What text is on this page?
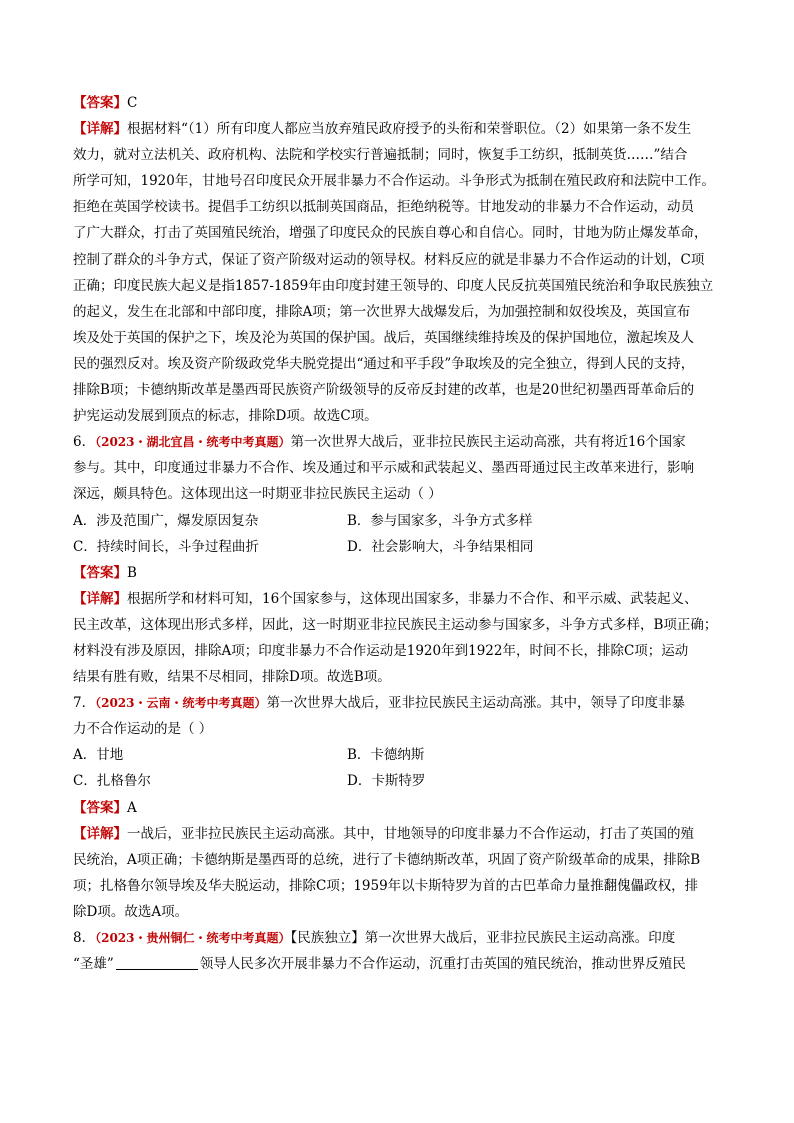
【答案】C
【详解】根据材料“（1）所有印度人都应当放弃殖民政府授予的头衔和荣誉职位。（2）如果第一条不发生
效力，就对立法机关、政府机构、法院和学校实行普遍抵制；同时，恢复手工纺织，抵制英货……”结合
所学可知，1920年，甘地号召印度民众开展非暴力不合作运动。斗争形式为抵制在殖民政府和法院中工作。
拒绝在英国学校读书。提倡手工纺织以抵制英国商品，拒绝纳税等。甘地发动的非暴力不合作运动，动员
了广大群众，打击了英国殖民统治，增强了印度民众的民族自尊心和自信心。同时，甘地为防止爆发革命，
控制了群众的斗争方式，保证了资产阶级对运动的领导权。材料反应的就是非暴力不合作运动的计划，C项
正确；印度民族大起义是指1857-1859年由印度封建王领导的、印度人民反抗英国殖民统治和争取民族独立
的起义，发生在北部和中部印度，排除A项；第一次世界大战爆发后，为加强控制和奴役埃及，英国宣布
埃及处于英国的保护之下，埃及沦为英国的保护国。战后，英国继续维持埃及的保护国地位，激起埃及人
民的强烈反对。埃及资产阶级政党华夫脱党提出“通过和平手段”争取埃及的完全独立，得到人民的支持，
排除B项；卡德纳斯改革是墨西哥民族资产阶级领导的反帝反封建的改革，也是20世纪初墨西哥革命后的
护宪运动发展到顶点的标志，排除D项。故选C项。
6．（2023・湖北宜昌・统考中考真题）第一次世界大战后，亚非拉民族民主运动高涨，共有将近16个国家
参与。其中，印度通过非暴力不合作、埃及通过和平示威和武装起义、墨西哥通过民主改革来进行，影响
深远，颇具特色。这体现出这一时期亚非拉民族民主运动（ ）
A．涉及范围广，爆发原因复杂	B．参与国家多，斗争方式多样
C．持续时间长，斗争过程曲折	D．社会影响大，斗争结果相同
【答案】B
【详解】根据所学和材料可知，16个国家参与，这体现出国家多，非暴力不合作、和平示威、武装起义、
民主改革，这体现出形式多样，因此，这一时期亚非拉民族民主运动参与国家多，斗争方式多样，B项正确；
材料没有涉及原因，排除A项；印度非暴力不合作运动是1920年到1922年，时间不长，排除C项；运动
结果有胜有败，结果不尽相同，排除D项。故选B项。
7．（2023・云南・统考中考真题）第一次世界大战后，亚非拉民族民主运动高涨。其中，领导了印度非暴
力不合作运动的是（ ）
A．甘地	B．卡德纳斯
C．扎格鲁尔	D．卡斯特罗
【答案】A
【详解】一战后，亚非拉民族民主运动高涨。其中，甘地领导的印度非暴力不合作运动，打击了英国的殖
民统治，A项正确；卡德纳斯是墨西哥的总统，进行了卡德纳斯改革，巩固了资产阶级革命的成果，排除B
项；扎格鲁尔领导埃及华夫脱运动，排除C项；1959年以卡斯特罗为首的古巴革命力量推翻傀儡政权，排
除D项。故选A项。
8．（2023・贵州铜仁・统考中考真题）【民族独立】第一次世界大战后，亚非拉民族民主运动高涨。印度
“圣雄”	领导人民多次开展非暴力不合作运动，沉重打击英国的殖民统治，推动世界反殖民
